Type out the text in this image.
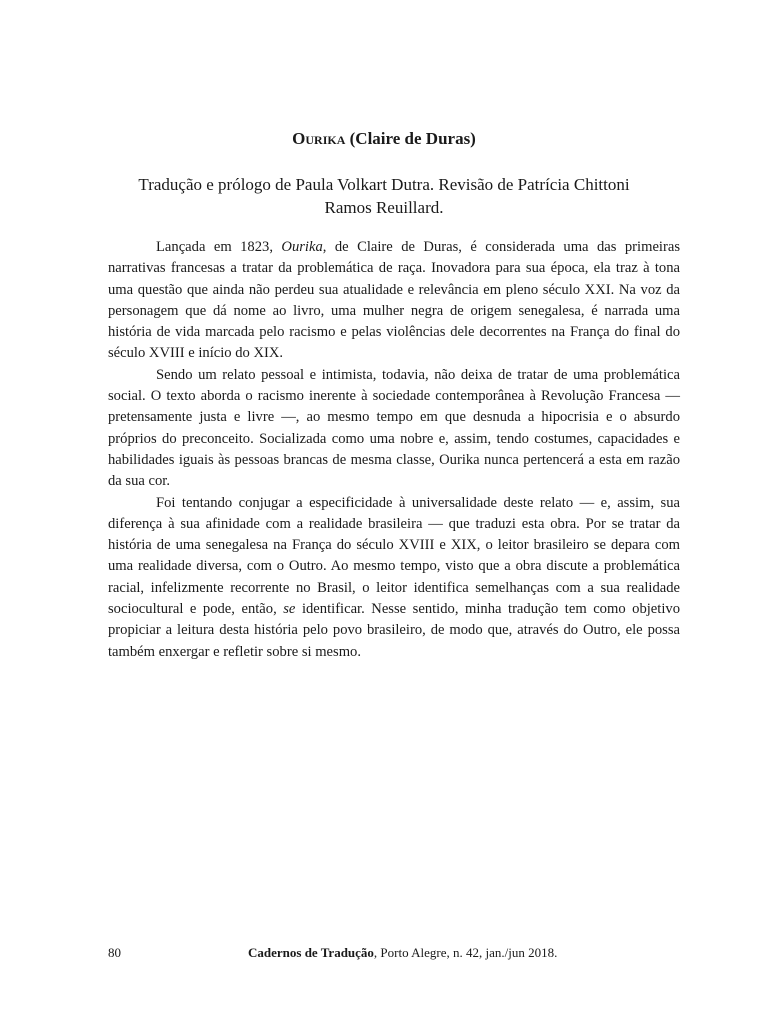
Ourika (Claire de Duras)

Tradução e prólogo de Paula Volkart Dutra. Revisão de Patrícia Chittoni Ramos Reuillard.

Lançada em 1823, Ourika, de Claire de Duras, é considerada uma das primeiras narrativas francesas a tratar da problemática de raça. Inovadora para sua época, ela traz à tona uma questão que ainda não perdeu sua atualidade e relevância em pleno século XXI. Na voz da personagem que dá nome ao livro, uma mulher negra de origem senegalesa, é narrada uma história de vida marcada pelo racismo e pelas violências dele decorrentes na França do final do século XVIII e início do XIX.

Sendo um relato pessoal e intimista, todavia, não deixa de tratar de uma problemática social. O texto aborda o racismo inerente à sociedade contemporânea à Revolução Francesa — pretensamente justa e livre —, ao mesmo tempo em que desnuda a hipocrisia e o absurdo próprios do preconceito. Socializada como uma nobre e, assim, tendo costumes, capacidades e habilidades iguais às pessoas brancas de mesma classe, Ourika nunca pertencerá a esta em razão da sua cor.

Foi tentando conjugar a especificidade à universalidade deste relato — e, assim, sua diferença à sua afinidade com a realidade brasileira — que traduzi esta obra. Por se tratar da história de uma senegalesa na França do século XVIII e XIX, o leitor brasileiro se depara com uma realidade diversa, com o Outro. Ao mesmo tempo, visto que a obra discute a problemática racial, infelizmente recorrente no Brasil, o leitor identifica semelhanças com a sua realidade sociocultural e pode, então, se identificar. Nesse sentido, minha tradução tem como objetivo propiciar a leitura desta história pelo povo brasileiro, de modo que, através do Outro, ele possa também enxergar e refletir sobre si mesmo.

80	Cadernos de Tradução, Porto Alegre, n. 42, jan./jun 2018.
